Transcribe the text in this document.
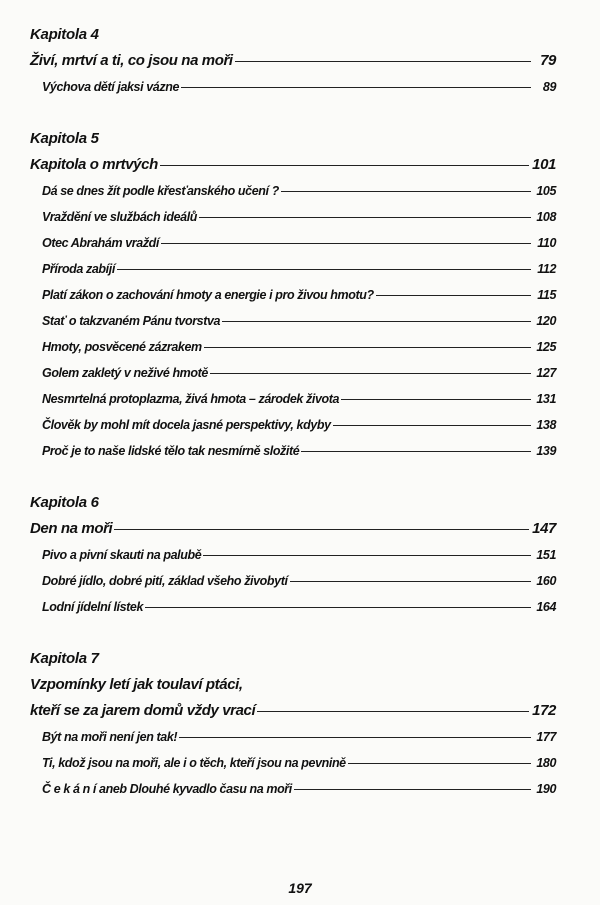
Kapitola 4
Živí, mrtví a ti, co jsou na moři	79
Výchova dětí jaksi vázne	89
Kapitola 5
Kapitola o mrtvých	101
Dá se dnes žít podle křesťanského učení ?	105
Vraždění ve službách ideálů	108
Otec Abrahám vraždí	110
Příroda zabíjí	112
Platí zákon o zachování hmoty a energie i pro živou hmotu?	115
Stať o takzvaném Pánu tvorstva	120
Hmoty, posvěcené zázrakem	125
Golem zakletý v neživé hmotě	127
Nesmrtelná protoplazma, živá hmota – zárodek života	131
Člověk by mohl mít docela jasné perspektivy, kdyby	138
Proč je to naše lidské tělo tak nesmírně složité	139
Kapitola 6
Den na moři	147
Pivo a pivní skauti na palubě	151
Dobré jídlo, dobré pití, základ všeho živobytí	160
Lodní jídelní lístek	164
Kapitola 7
Vzpomínky letí jak toulaví ptáci,
kteří se za jarem domů vždy vrací	172
Být na moři není jen tak!	177
Ti, kdož jsou na moři, ale i o těch, kteří jsou na pevnině	180
Č e k á n í aneb Dlouhé kyvadlo času na moři	190
197
